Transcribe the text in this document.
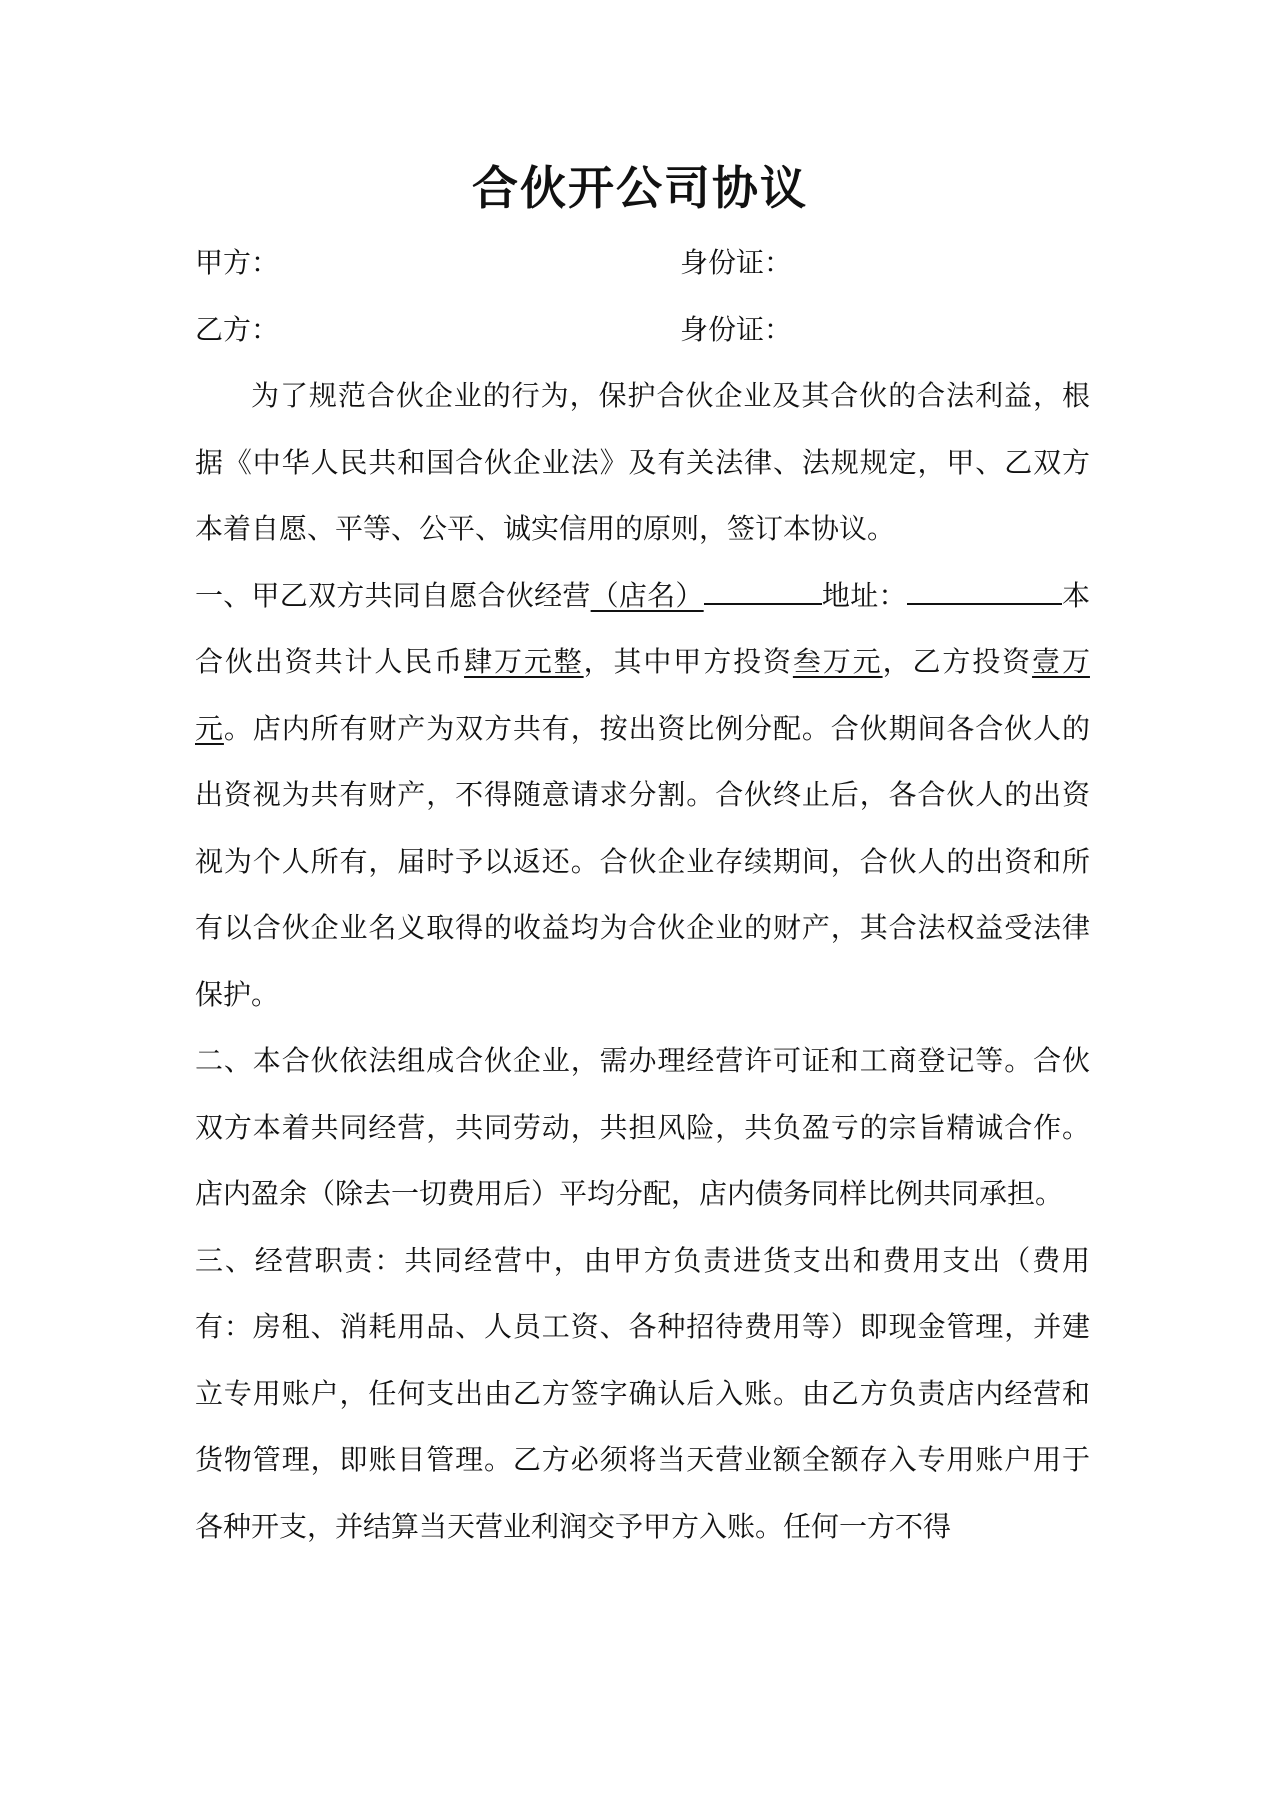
合伙开公司协议
甲方：	身份证：
乙方：	身份证：

为了规范合伙企业的行为，保护合伙企业及其合伙的合法利益，根据《中华人民共和国合伙企业法》及有关法律、法规规定，甲、乙双方本着自愿、平等、公平、诚实信用的原则，签订本协议。

一、甲乙双方共同自愿合伙经营（店名）	地址：	本合伙出资共计人民币肆万元整，其中甲方投资叁万元，乙方投资壹万元。店内所有财产为双方共有，按出资比例分配。合伙期间各合伙人的出资视为共有财产，不得随意请求分割。合伙终止后，各合伙人的出资视为个人所有，届时予以返还。合伙企业存续期间，合伙人的出资和所有以合伙企业名义取得的收益均为合伙企业的财产，其合法权益受法律保护。

二、本合伙依法组成合伙企业，需办理经营许可证和工商登记等。合伙双方本着共同经营，共同劳动，共担风险，共负盈亏的宗旨精诚合作。店内盈余（除去一切费用后）平均分配，店内债务同样比例共同承担。

三、经营职责：共同经营中，由甲方负责进货支出和费用支出（费用有：房租、消耗用品、人员工资、各种招待费用等）即现金管理，并建立专用账户，任何支出由乙方签字确认后入账。由乙方负责店内经营和货物管理，即账目管理。乙方必须将当天营业额全额存入专用账户用于各种开支，并结算当天营业利润交予甲方入账。任何一方不得
